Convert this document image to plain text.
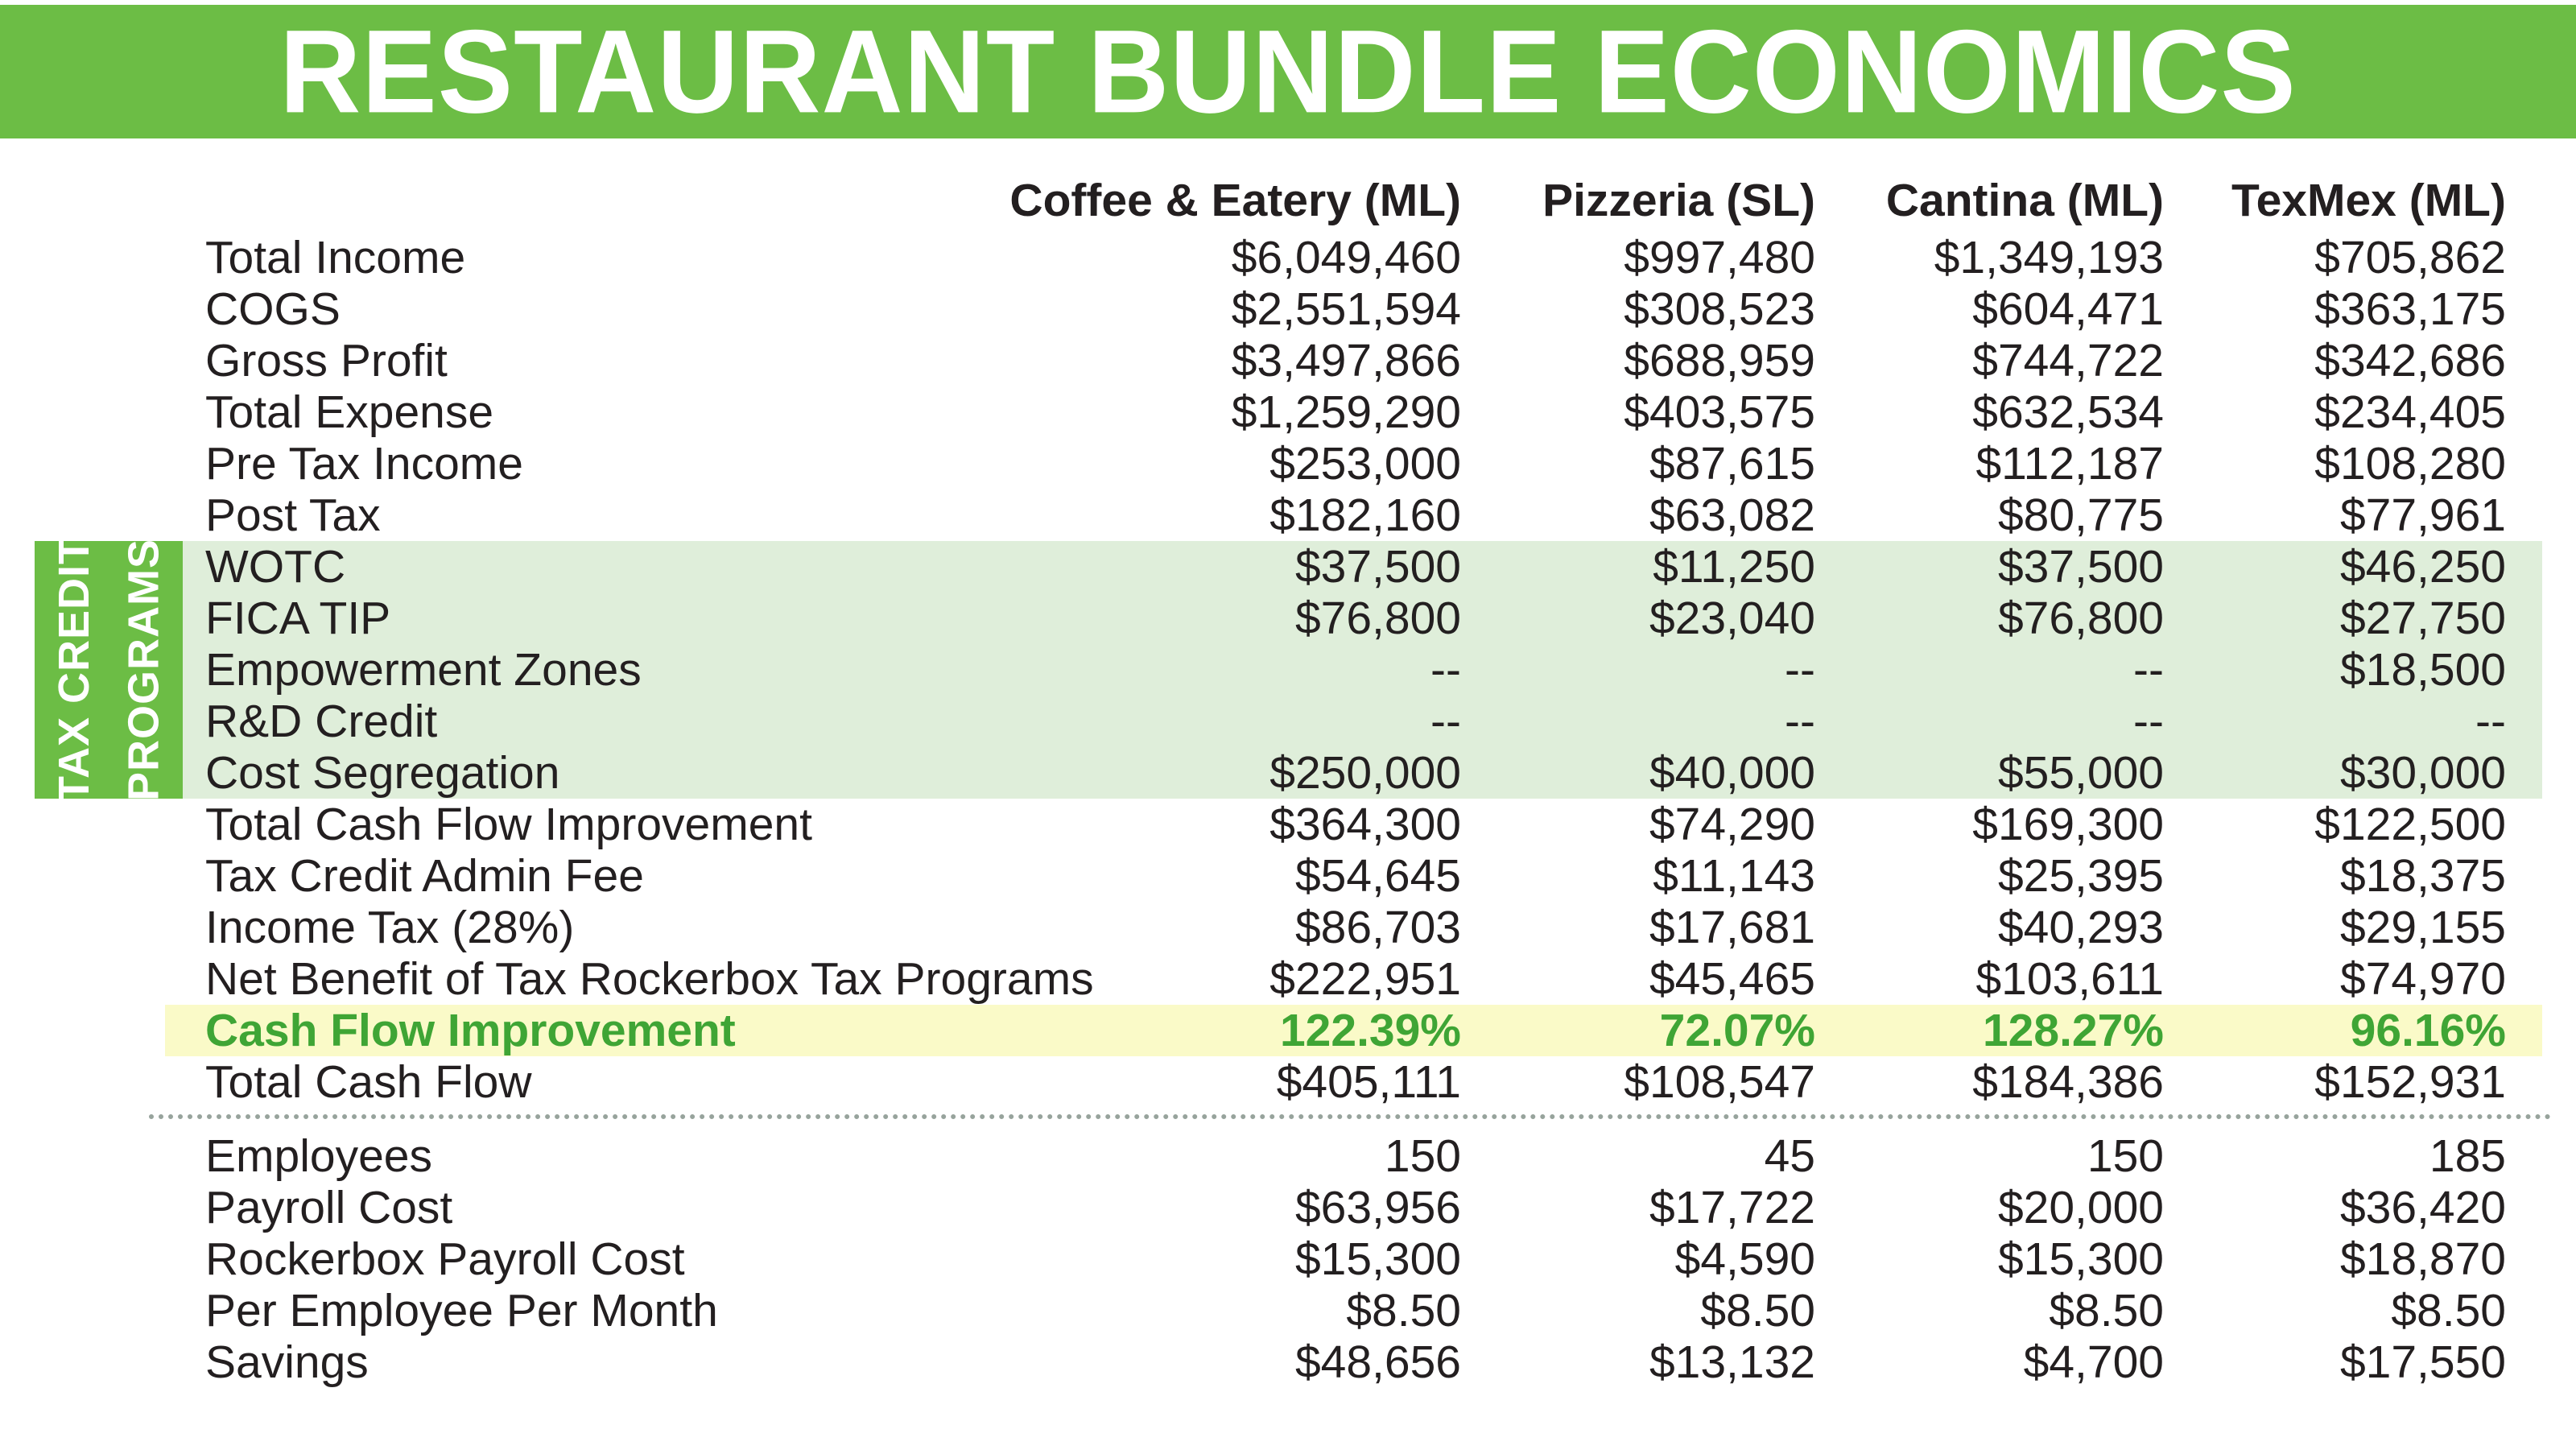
RESTAURANT BUNDLE ECONOMICS
Coffee & Eatery (ML)	Pizzeria (SL)	Cantina (ML)	TexMex (ML)
Total Income	$6,049,460	$997,480	$1,349,193	$705,862
COGS	$2,551,594	$308,523	$604,471	$363,175
Gross Profit	$3,497,866	$688,959	$744,722	$342,686
Total Expense	$1,259,290	$403,575	$632,534	$234,405
Pre Tax Income	$253,000	$87,615	$112,187	$108,280
Post Tax	$182,160	$63,082	$80,775	$77,961
WOTC	$37,500	$11,250	$37,500	$46,250
FICA TIP	$76,800	$23,040	$76,800	$27,750
Empowerment Zones	--	--	--	$18,500
R&D Credit	--	--	--	--
Cost Segregation	$250,000	$40,000	$55,000	$30,000
Total Cash Flow Improvement	$364,300	$74,290	$169,300	$122,500
Tax Credit Admin Fee	$54,645	$11,143	$25,395	$18,375
Income Tax (28%)	$86,703	$17,681	$40,293	$29,155
Net Benefit of Tax Rockerbox Tax Programs	$222,951	$45,465	$103,611	$74,970
Cash Flow Improvement	122.39%	72.07%	128.27%	96.16%
Total Cash Flow	$405,111	$108,547	$184,386	$152,931
Employees	150	45	150	185
Payroll Cost	$63,956	$17,722	$20,000	$36,420
Rockerbox Payroll Cost	$15,300	$4,590	$15,300	$18,870
Per Employee Per Month	$8.50	$8.50	$8.50	$8.50
Savings	$48,656	$13,132	$4,700	$17,550
TAX CREDIT PROGRAMS
